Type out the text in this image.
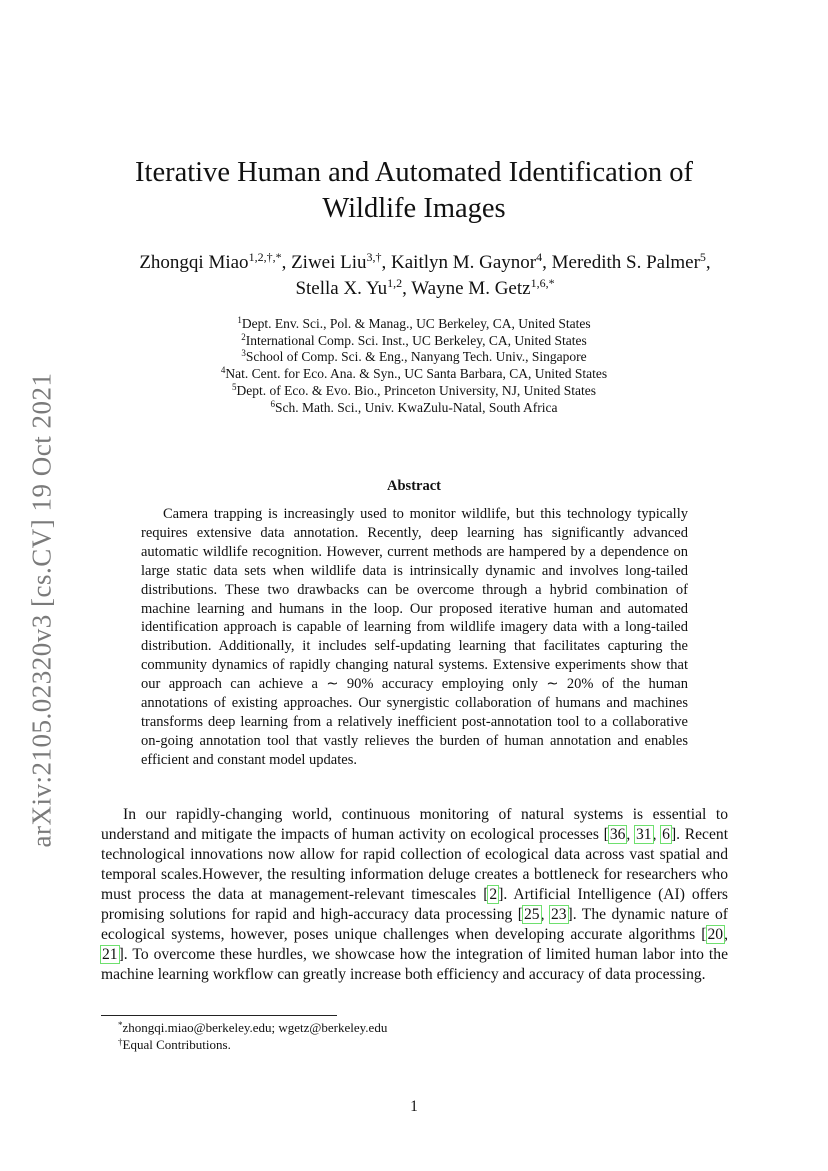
arXiv:2105.02320v3 [cs.CV] 19 Oct 2021
Iterative Human and Automated Identification of
Wildlife Images
Zhongqi Miao$^{1,2,\dagger,*}$, Ziwei Liu$^{3,\dagger}$, Kaitlyn M. Gaynor$^4$, Meredith S. Palmer$^5$,
Stella X. Yu$^{1,2}$, Wayne M. Getz$^{1,6,*}$
$^1$Dept. Env. Sci., Pol. & Manag., UC Berkeley, CA, United States
$^2$International Comp. Sci. Inst., UC Berkeley, CA, United States
$^3$School of Comp. Sci. & Eng., Nanyang Tech. Univ., Singapore
$^4$Nat. Cent. for Eco. Ana. & Syn., UC Santa Barbara, CA, United States
$^5$Dept. of Eco. & Evo. Bio., Princeton University, NJ, United States
$^6$Sch. Math. Sci., Univ. KwaZulu-Natal, South Africa
Abstract

Camera trapping is increasingly used to monitor wildlife, but this technology typically requires extensive data annotation. Recently, deep learning has significantly advanced automatic wildlife recognition. However, current methods are hampered by a dependence on large static data sets when wildlife data is intrinsically dynamic and involves long-tailed distributions. These two drawbacks can be overcome through a hybrid combination of machine learning and humans in the loop. Our proposed iterative human and automated identification approach is capable of learning from wildlife imagery data with a long-tailed distribution. Additionally, it includes self-updating learning that facilitates capturing the community dynamics of rapidly changing natural systems. Extensive experiments show that our approach can achieve a ∼ 90% accuracy employing only ∼ 20% of the human annotations of existing approaches. Our synergistic collaboration of humans and machines transforms deep learning from a relatively inefficient post-annotation tool to a collaborative on-going annotation tool that vastly relieves the burden of human annotation and enables efficient and constant model updates.

In our rapidly-changing world, continuous monitoring of natural systems is essential to understand and mitigate the impacts of human activity on ecological processes [36, 31, 6]. Recent technological innovations now allow for rapid collection of ecological data across vast spatial and temporal scales.However, the resulting information deluge creates a bottleneck for researchers who must process the data at management-relevant timescales [2]. Artificial Intelligence (AI) offers promising solutions for rapid and high-accuracy data processing [25, 23]. The dynamic nature of ecological systems, however, poses unique challenges when developing accurate algorithms [20, 21]. To overcome these hurdles, we showcase how the integration of limited human labor into the machine learning workflow can greatly increase both efficiency and accuracy of data processing.

*zhongqi.miao@berkeley.edu; wgetz@berkeley.edu
†Equal Contributions.
1
